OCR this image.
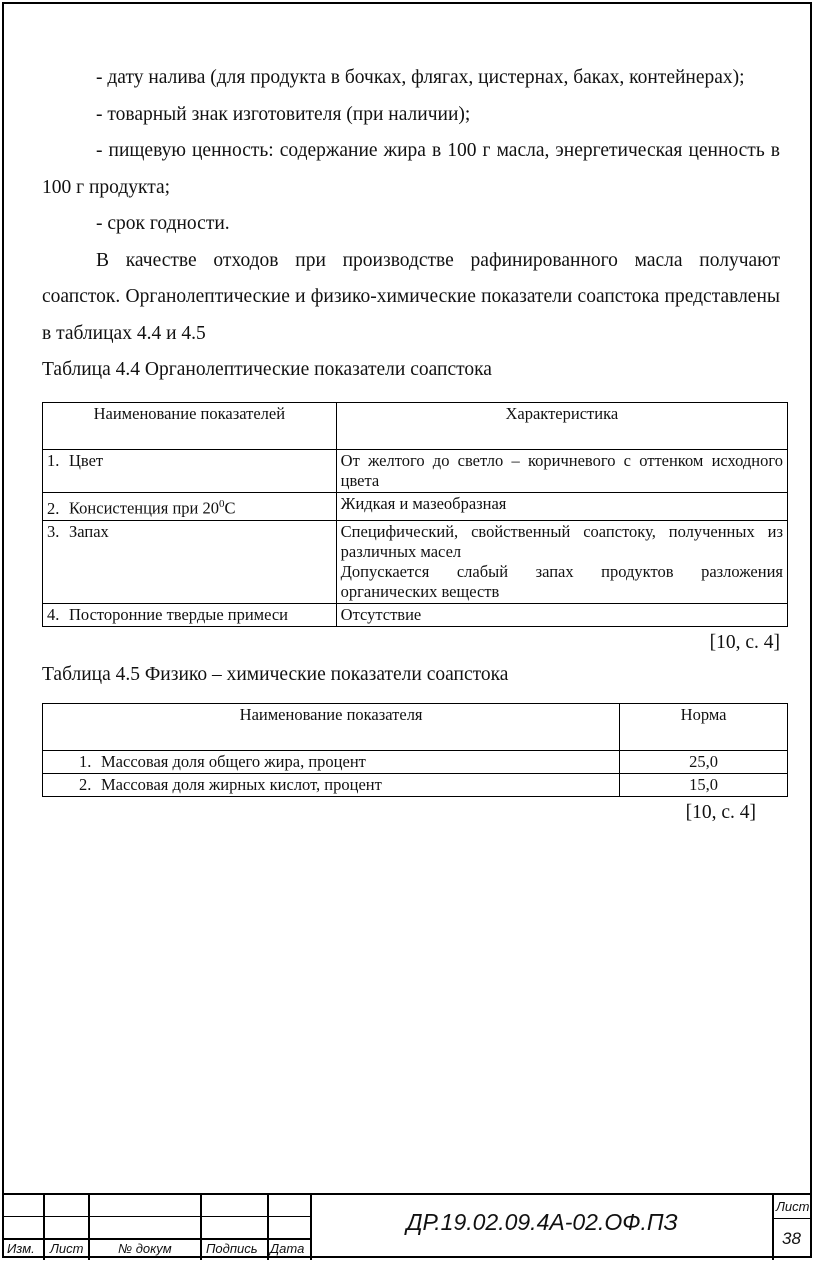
- дату налива (для продукта в бочках, флягах, цистернах, баках, контейнерах);

- товарный знак изготовителя (при наличии);

- пищевую ценность: содержание жира в 100 г масла, энергетическая ценность в 100 г продукта;

- срок годности.

В качестве отходов при производстве рафинированного масла получают соапсток. Органолептические и физико-химические показатели соапстока представлены в таблицах 4.4 и 4.5

Таблица 4.4 Органолептические показатели соапстока

Наименование показателей	Характеристика
1. Цвет	От желтого до светло – коричневого с оттенком исходного цвета
2. Консистенция при $20^0С$	Жидкая и мазеобразная
3. Запах	Специфический, свойственный соапстоку, полученных из различных масел
Допускается слабый запах продуктов разложения органических веществ

4. Посторонние твердые примеси	Отсутствие

[10, с. 4]

Таблица 4.5 Физико – химические показатели соапстока

Наименование показателя	Норма
1. Массовая доля общего жира, процент	25,0
2. Массовая доля жирных кислот, процент	15,0

[10, с. 4]

Изм. Лист	№ докум	Подпись Дата
ДР.19.02.09.4А-02.ОФ.ПЗ
Лист
38
